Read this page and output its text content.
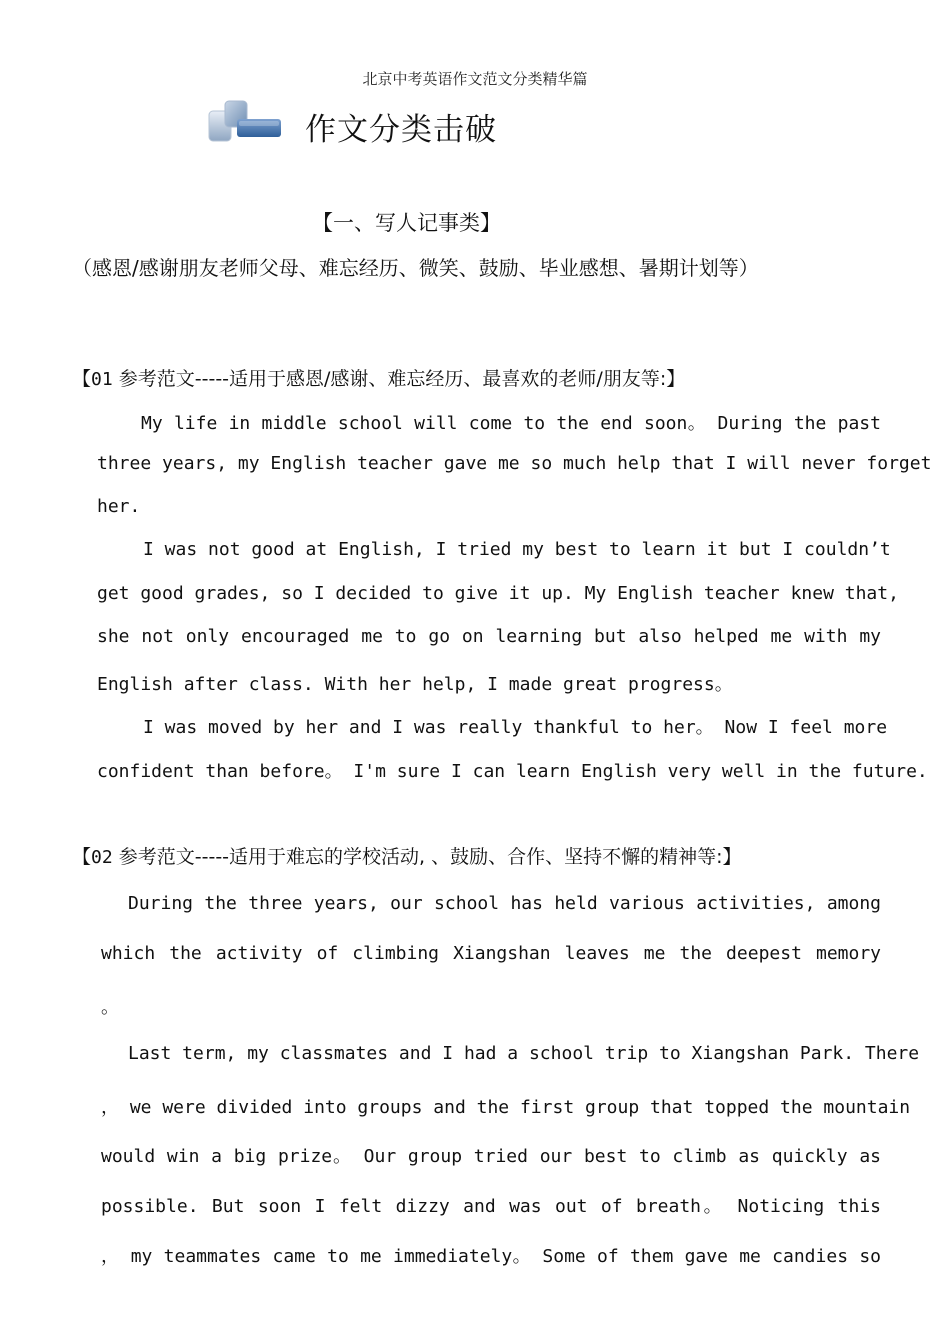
北京中考英语作文范文分类精华篇
作文分类击破
【一、写人记事类】
（感恩/感谢朋友老师父母、难忘经历、微笑、鼓励、毕业感想、暑期计划等）
【01 参考范文-----适用于感恩/感谢、难忘经历、最喜欢的老师/朋友等:】
My life in middle school will come to the end soon。 During the past
three years, my English teacher gave me so much help that I will never forget
her.
I was not good at English, I tried my best to learn it but I couldn’t
get good grades, so I decided to give it up. My English teacher knew that,
she not only encouraged me to go on learning but also helped me with my
English after class. With her help, I made great progress。
I was moved by her and I was really thankful to her。 Now I feel more
confident than before。 I'm sure I can learn English very well in the future.
【02 参考范文-----适用于难忘的学校活动, 、鼓励、合作、坚持不懈的精神等:】
During the three years, our school has held various activities, among
which the activity of climbing Xiangshan leaves me the deepest memory
。
Last term, my classmates and I had a school trip to Xiangshan Park. There
， we were divided into groups and the first group that topped the mountain
would win a big prize。 Our group tried our best to climb as quickly as
possible. But soon I felt dizzy and was out of breath。 Noticing this
， my teammates came to me immediately。 Some of them gave me candies so
